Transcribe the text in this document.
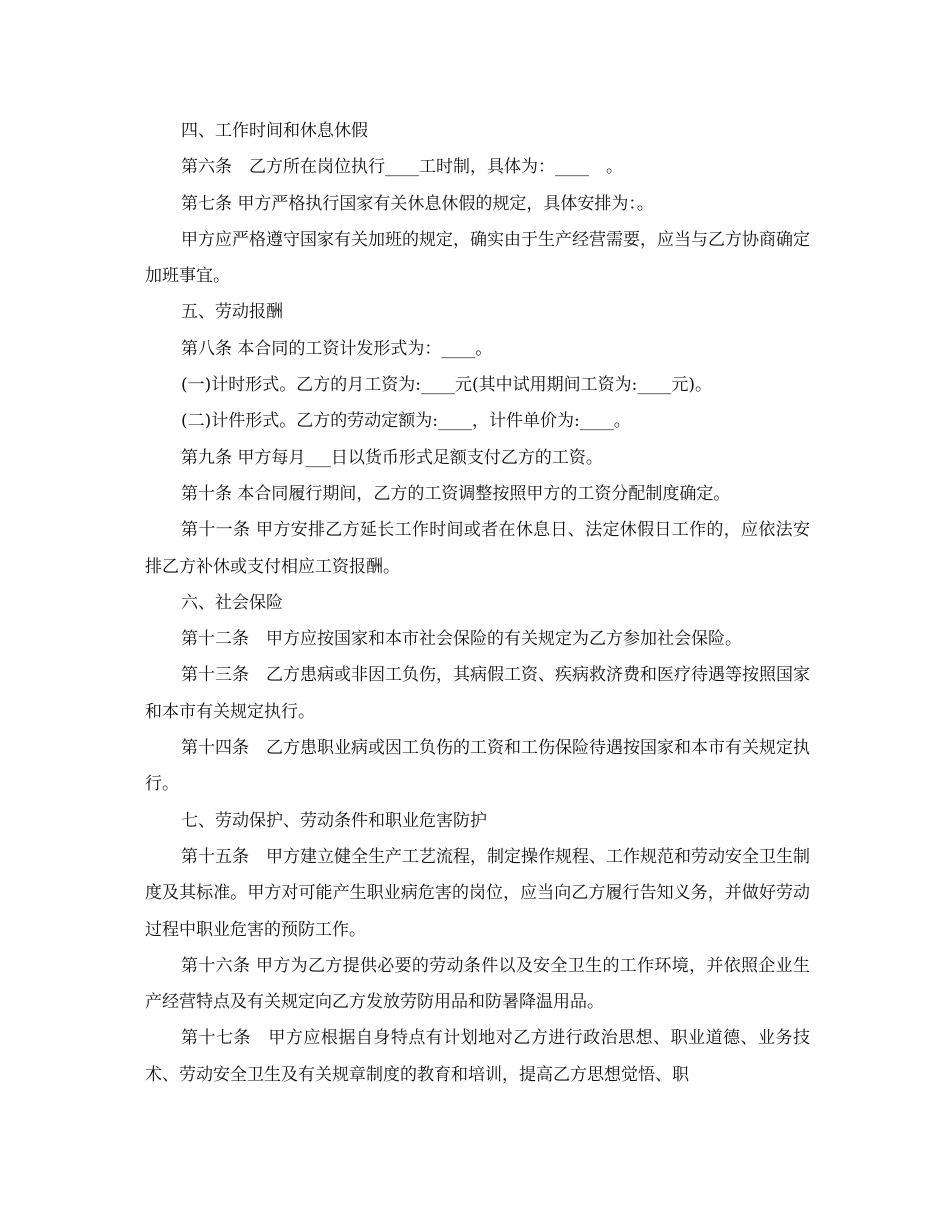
四、工作时间和休息休假

第六条　乙方所在岗位执行____工时制，具体为：____　。

第七条 甲方严格执行国家有关休息休假的规定，具体安排为：。

甲方应严格遵守国家有关加班的规定，确实由于生产经营需要，应当与乙方协商确定加班事宜。

五、劳动报酬

第八条 本合同的工资计发形式为：____。

(一)计时形式。乙方的月工资为:____元(其中试用期间工资为:____元)。

(二)计件形式。乙方的劳动定额为:____，计件单价为:____。

第九条 甲方每月___日以货币形式足额支付乙方的工资。

第十条 本合同履行期间，乙方的工资调整按照甲方的工资分配制度确定。

第十一条 甲方安排乙方延长工作时间或者在休息日、法定休假日工作的，应依法安排乙方补休或支付相应工资报酬。

六、社会保险

第十二条　甲方应按国家和本市社会保险的有关规定为乙方参加社会保险。

第十三条　乙方患病或非因工负伤，其病假工资、疾病救济费和医疗待遇等按照国家和本市有关规定执行。

第十四条　乙方患职业病或因工负伤的工资和工伤保险待遇按国家和本市有关规定执行。

七、劳动保护、劳动条件和职业危害防护

第十五条　甲方建立健全生产工艺流程，制定操作规程、工作规范和劳动安全卫生制度及其标准。甲方对可能产生职业病危害的岗位，应当向乙方履行告知义务，并做好劳动过程中职业危害的预防工作。

第十六条 甲方为乙方提供必要的劳动条件以及安全卫生的工作环境，并依照企业生产经营特点及有关规定向乙方发放劳防用品和防暑降温用品。

第十七条　甲方应根据自身特点有计划地对乙方进行政治思想、职业道德、业务技术、劳动安全卫生及有关规章制度的教育和培训，提高乙方思想觉悟、职
